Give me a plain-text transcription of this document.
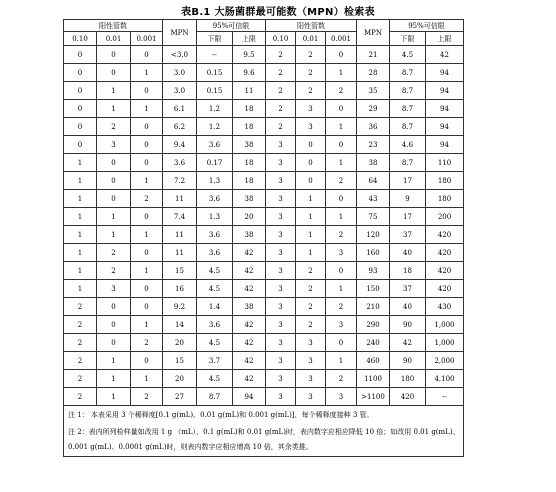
表B.1 大肠菌群最可能数（MPN）检索表
阳性管数			MPN	95%可信限		阳性管数			MPN	95%可信限	
0.10	0.01	0.001		下限	上限	0.10	0.01	0.001		下限	上限
0	0	0	<3.0	--	9.5	2	2	0	21	4.5	42
0	0	1	3.0	0.15	9.6	2	2	1	28	8.7	94
0	1	0	3.0	0.15	11	2	2	2	35	8.7	94
0	1	1	6.1	1.2	18	2	3	0	29	8.7	94
0	2	0	6.2	1.2	18	2	3	1	36	8.7	94
0	3	0	9.4	3.6	38	3	0	0	23	4.6	94
1	0	0	3.6	0.17	18	3	0	1	38	8.7	110
1	0	1	7.2	1.3	18	3	0	2	64	17	180
1	0	2	11	3.6	38	3	1	0	43	9	180
1	1	0	7.4	1.3	20	3	1	1	75	17	200
1	1	1	11	3.6	38	3	1	2	120	37	420
1	2	0	11	3.6	42	3	1	3	160	40	420
1	2	1	15	4.5	42	3	2	0	93	18	420
1	3	0	16	4.5	42	3	2	1	150	37	420
2	0	0	9.2	1.4	38	3	2	2	210	40	430
2	0	1	14	3.6	42	3	2	3	290	90	1,000
2	0	2	20	4.5	42	3	3	0	240	42	1,000
2	1	0	15	3.7	42	3	3	1	460	90	2,000
2	1	1	20	4.5	42	3	3	2	1100	180	4,100
2	1	2	27	8.7	94	3	3	3	>1100	420	--
注 1： 本表采用 3 个稀释度[0.1 g(mL)、0.01 g(mL)和 0.001 g(mL)]，每个稀释度接种 3 管。											
注 2：表内所列检样量如改用 1 g （mL）、0.1 g(mL)和 0.01 g(mL)时，表内数字应相应降低 10 倍；如改用 0.01 g(mL)、0.001 g(mL)、0.0001 g(mL)时，则表内数字应相应增高 10 倍，其余类推。											
